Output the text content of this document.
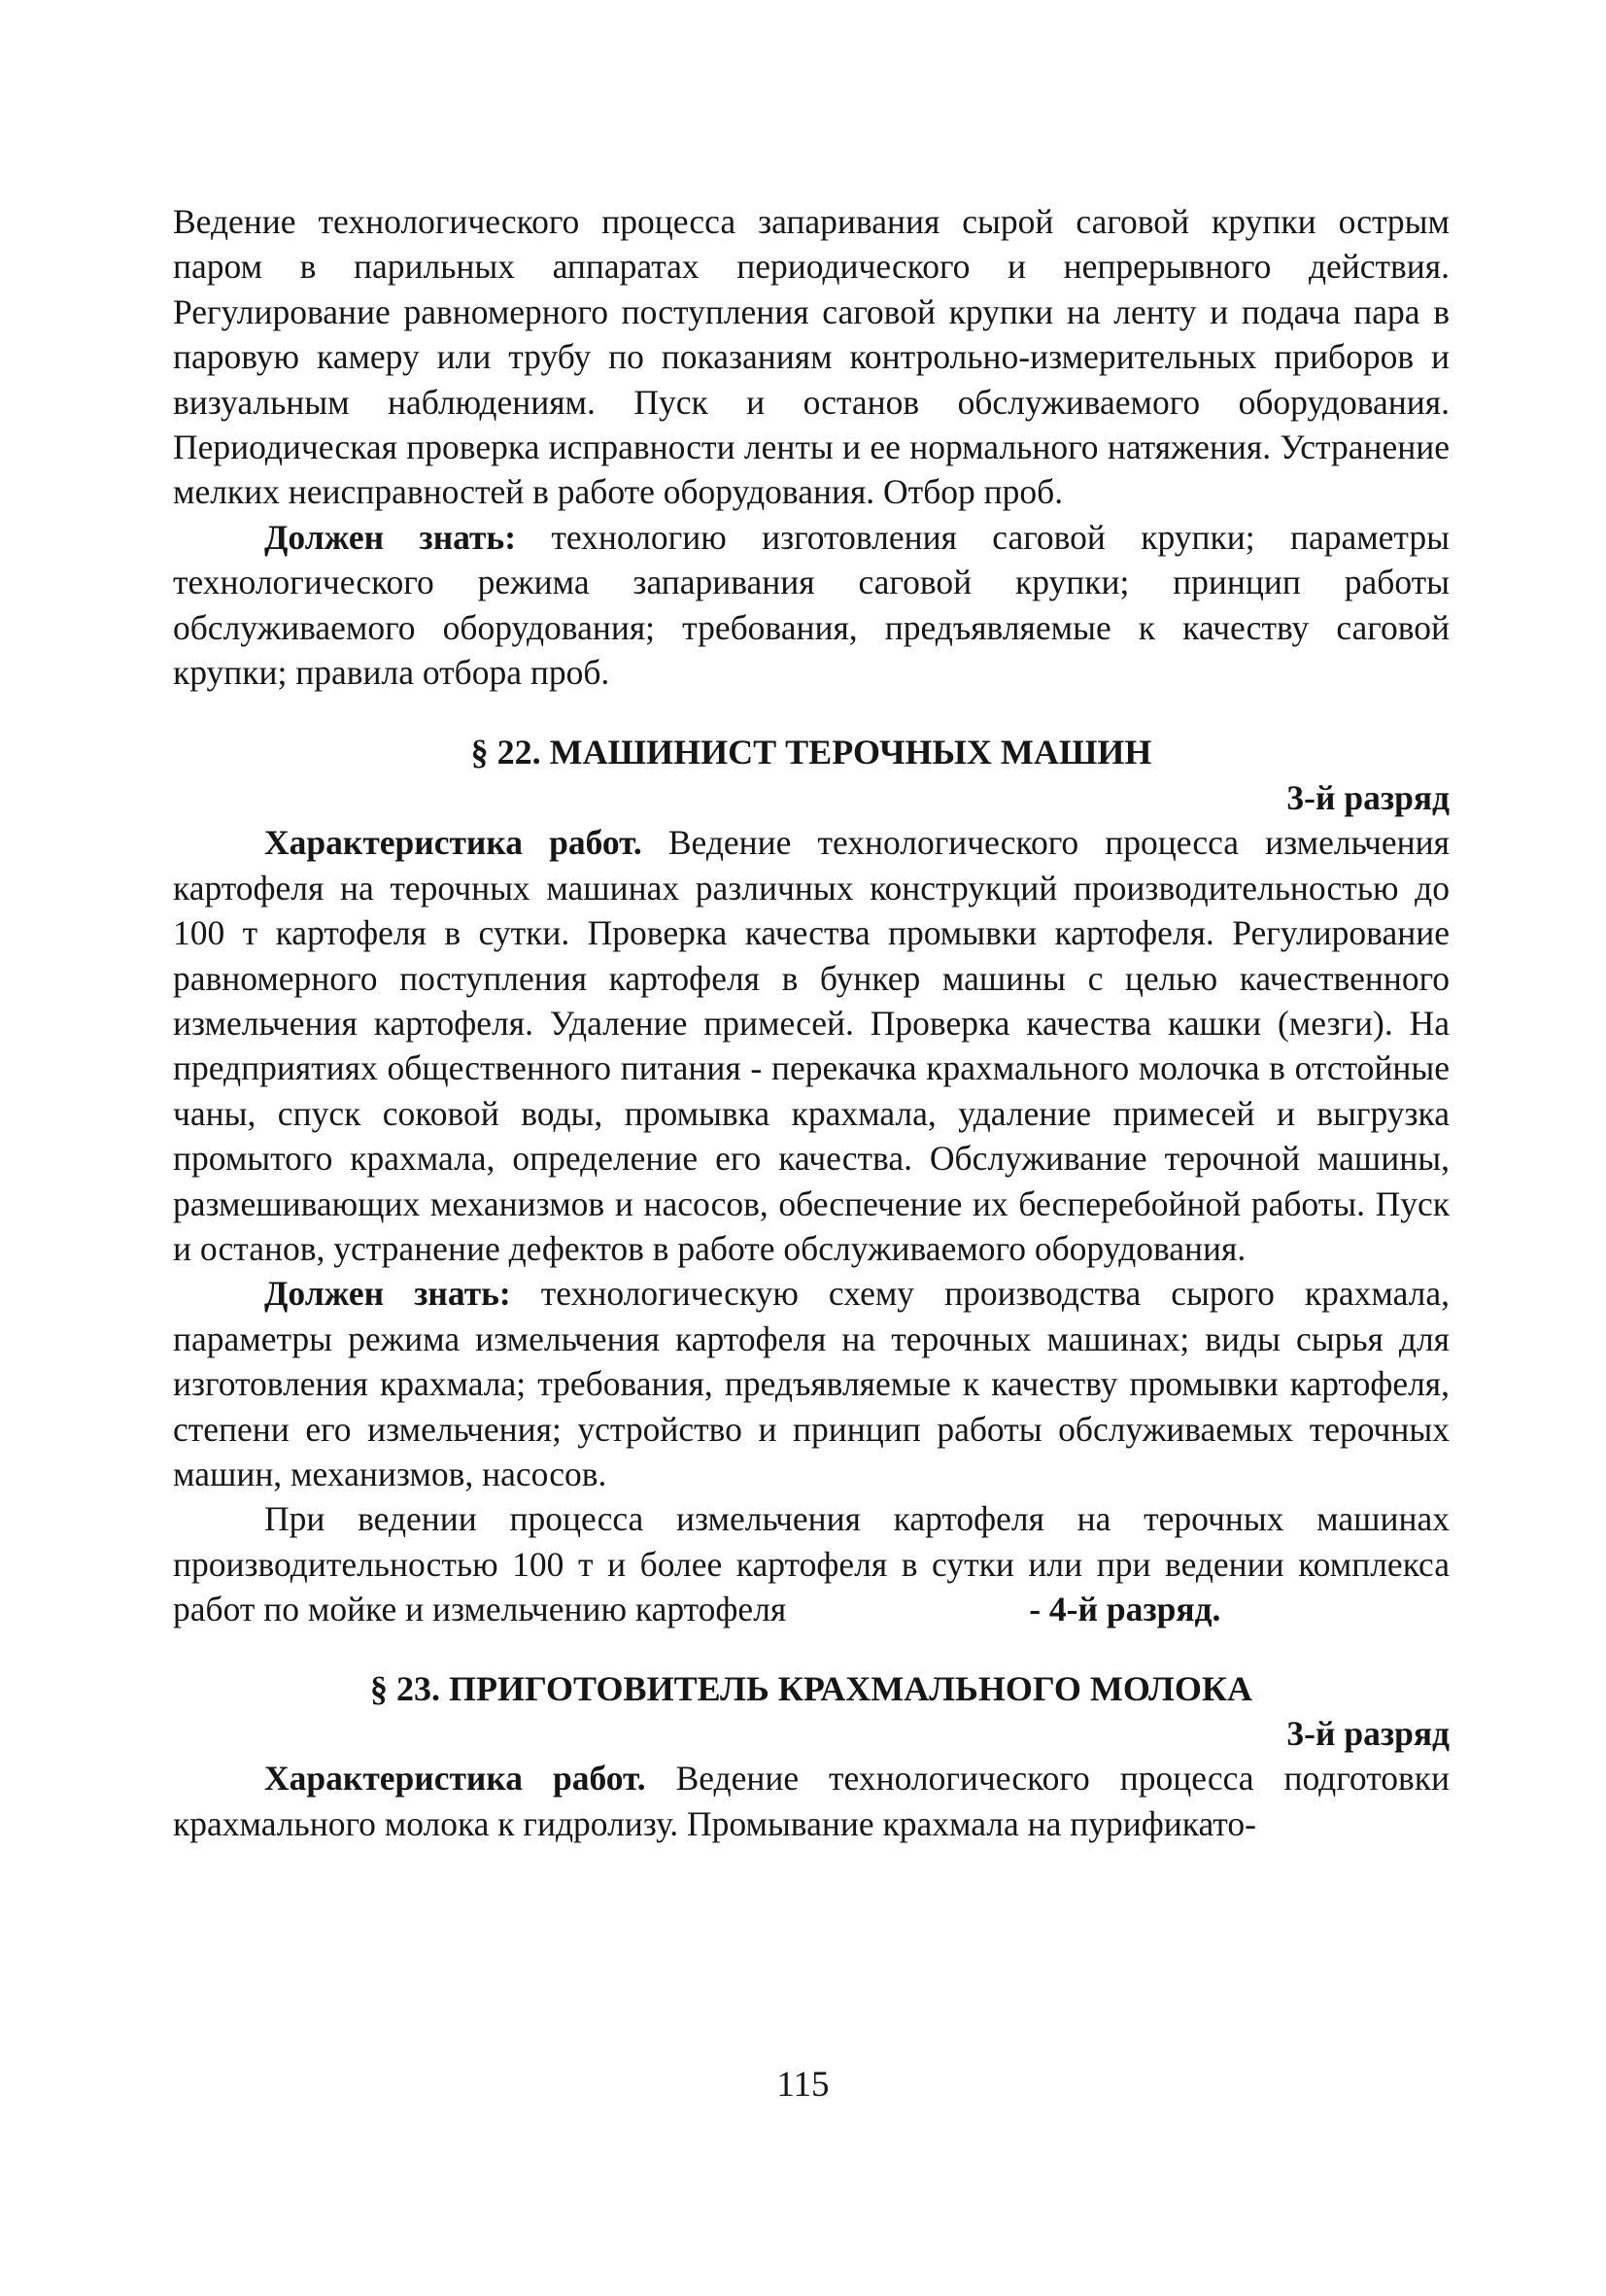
Ведение технологического процесса запаривания сырой саговой крупки острым паром в парильных аппаратах периодического и непрерывного действия. Регулирование равномерного поступления саговой крупки на ленту и подача пара в паровую камеру или трубу по показаниям контрольно-измерительных приборов и визуальным наблюдениям. Пуск и останов обслуживаемого оборудования. Периодическая проверка исправности ленты и ее нормального натяжения. Устранение мелких неисправностей в работе оборудования. Отбор проб.

Должен знать: технологию изготовления саговой крупки; параметры технологического режима запаривания саговой крупки; принцип работы обслуживаемого оборудования; требования, предъявляемые к качеству саговой крупки; правила отбора проб.

§ 22. МАШИНИСТ ТЕРОЧНЫХ МАШИН

3-й разряд

Характеристика работ. Ведение технологического процесса измельчения картофеля на терочных машинах различных конструкций производительностью до 100 т картофеля в сутки. Проверка качества промывки картофеля. Регулирование равномерного поступления картофеля в бункер машины с целью качественного измельчения картофеля. Удаление примесей. Проверка качества кашки (мезги). На предприятиях общественного питания - перекачка крахмального молочка в отстойные чаны, спуск соковой воды, промывка крахмала, удаление примесей и выгрузка промытого крахмала, определение его качества. Обслуживание терочной машины, размешивающих механизмов и насосов, обеспечение их бесперебойной работы. Пуск и останов, устранение дефектов в работе обслуживаемого оборудования.

Должен знать: технологическую схему производства сырого крахмала, параметры режима измельчения картофеля на терочных машинах; виды сырья для изготовления крахмала; требования, предъявляемые к качеству промывки картофеля, степени его измельчения; устройство и принцип работы обслуживаемых терочных машин, механизмов, насосов.

При ведении процесса измельчения картофеля на терочных машинах производительностью 100 т и более картофеля в сутки или при ведении комплекса работ по мойке и измельчению картофеля	- 4-й разряд.

§ 23. ПРИГОТОВИТЕЛЬ КРАХМАЛЬНОГО МОЛОКА

3-й разряд

Характеристика работ. Ведение технологического процесса подготовки крахмального молока к гидролизу. Промывание крахмала на пурификато-

115
